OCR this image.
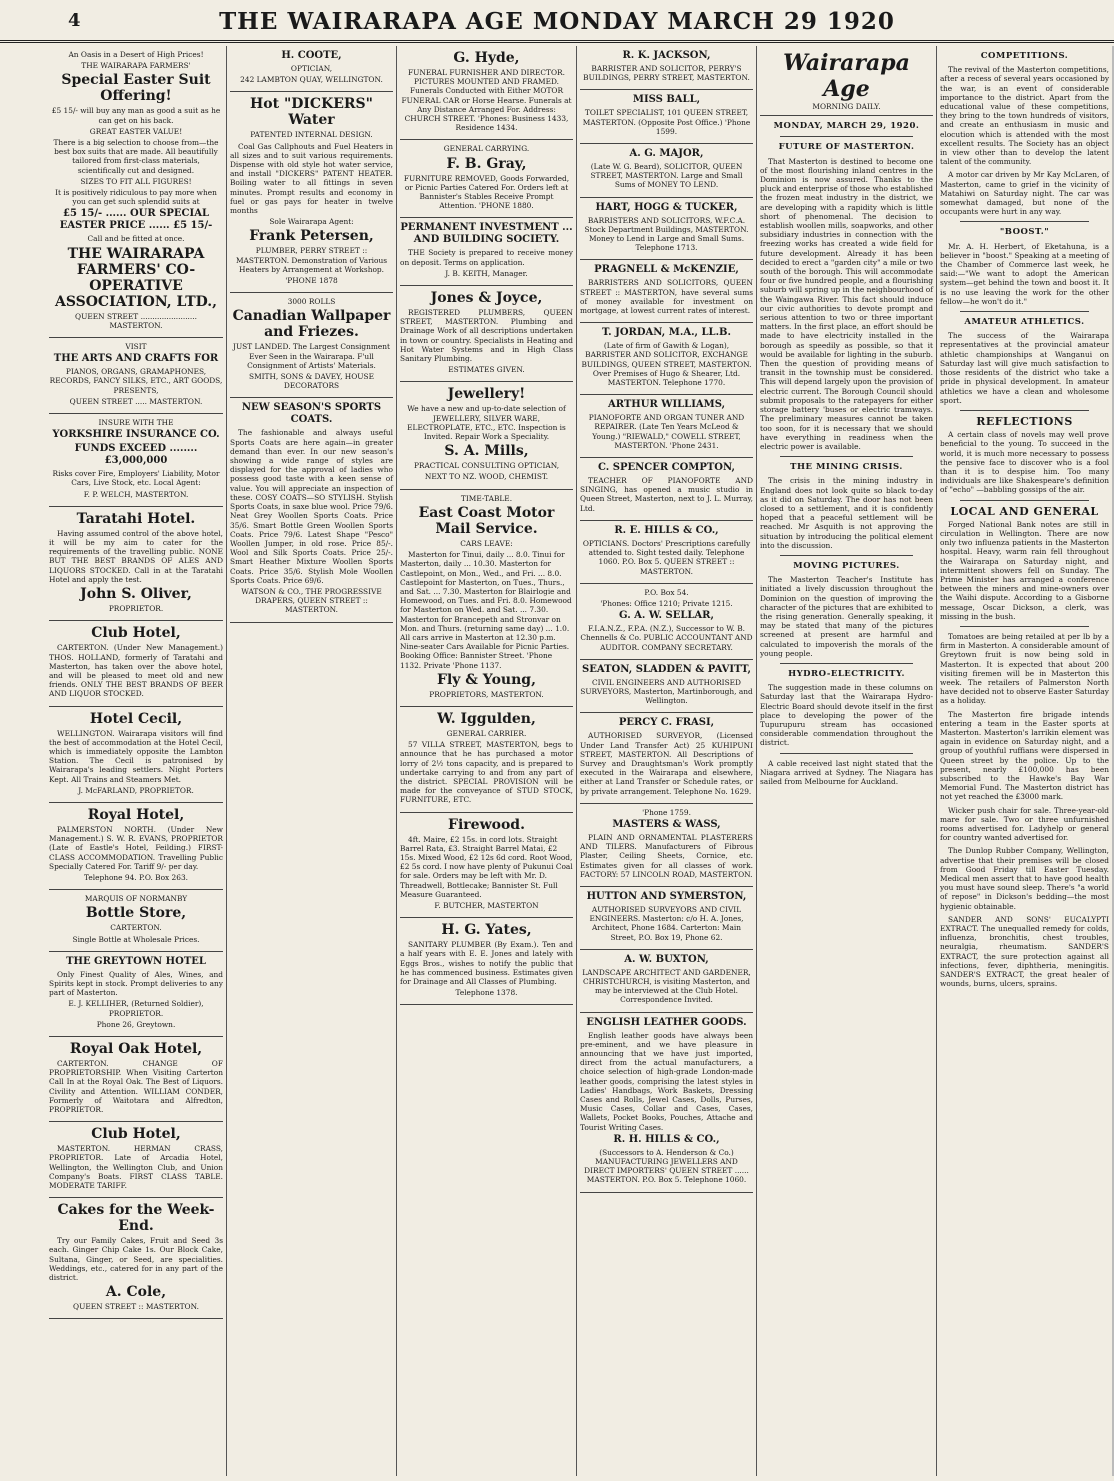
4	THE WAIRARAPA AGE MONDAY MARCH 29 1920

An Oasis in a Desert of High Prices!

THE WAIRARAPA FARMERS'

Special Easter Suit Offering!

£5 15/- will buy any man as good a suit as he can get on his back.

GREAT EASTER VALUE!

There is a big selection to choose from—the best box suits that are made. All beautifully tailored from first-class materials, scientifically cut and designed.

SIZES TO FIT ALL FIGURES!

It is positively ridiculous to pay more when you can get such splendid suits at

£5 15/- ...... OUR SPECIAL EASTER PRICE ...... £5 15/-

Call and be fitted at once.

THE WAIRARAPA FARMERS' CO-OPERATIVE ASSOCIATION, LTD.,

QUEEN STREET ........................ MASTERTON.

VISIT

THE ARTS AND CRAFTS FOR

PIANOS, ORGANS, GRAMAPHONES, RECORDS, FANCY SILKS, ETC., ART GOODS, PRESENTS,

QUEEN STREET ..... MASTERTON.

INSURE WITH THE

YORKSHIRE INSURANCE CO.

FUNDS EXCEED ........ £3,000,000

Risks cover Fire, Employers' Liability, Motor Cars, Live Stock, etc. Local Agent:

F. P. WELCH, MASTERTON.

Taratahi Hotel.

Having assumed control of the above hotel, it will be my aim to cater for the requirements of the travelling public. NONE BUT THE BEST BRANDS OF ALES AND LIQUORS STOCKED. Call in at the Taratahi Hotel and apply the test.

John S. Oliver,

PROPRIETOR.

Club Hotel,

CARTERTON. (Under New Management.) THOS. HOLLAND, formerly of Taratahi and Masterton, has taken over the above hotel, and will be pleased to meet old and new friends. ONLY THE BEST BRANDS OF BEER AND LIQUOR STOCKED.

Hotel Cecil,

WELLINGTON. Wairarapa visitors will find the best of accommodation at the Hotel Cecil, which is immediately opposite the Lambton Station. The Cecil is patronised by Wairarapa's leading settlers. Night Porters Kept. All Trains and Steamers Met.

J. McFARLAND, PROPRIETOR.

Royal Hotel,

PALMERSTON NORTH. (Under New Management.) S. W. R. EVANS, PROPRIETOR (Late of Eastle's Hotel, Feilding.) FIRST-CLASS ACCOMMODATION. Travelling Public Specially Catered For. Tariff 9/- per day.

Telephone 94. P.O. Box 263.

MARQUIS OF NORMANBY

Bottle Store,

CARTERTON.

Single Bottle at Wholesale Prices.

THE GREYTOWN HOTEL

Only Finest Quality of Ales, Wines, and Spirits kept in stock. Prompt deliveries to any part of Masterton.

E. J. KELLIHER, (Returned Soldier), PROPRIETOR.

Phone 26, Greytown.

Royal Oak Hotel,

CARTERTON. CHANGE OF PROPRIETORSHIP. When Visiting Carterton Call In at the Royal Oak. The Best of Liquors. Civility and Attention. WILLIAM CONDER, Formerly of Waitotara and Alfredton, PROPRIETOR.

Club Hotel,

MASTERTON. HERMAN CRASS, PROPRIETOR. Late of Arcadia Hotel, Wellington, the Wellington Club, and Union Company's Boats. FIRST CLASS TABLE. MODERATE TARIFF.

Cakes for the Week-End.

Try our Family Cakes, Fruit and Seed 3s each. Ginger Chip Cake 1s. Our Block Cake, Sultana, Ginger, or Seed, are specialities. Weddings, etc., catered for in any part of the district.

A. Cole,

QUEEN STREET :: MASTERTON.

H. COOTE,

OPTICIAN,

242 LAMBTON QUAY, WELLINGTON.

Hot "DICKERS" Water

PATENTED INTERNAL DESIGN.

Coal Gas Callphouts and Fuel Heaters in all sizes and to suit various requirements. Dispense with old style hot water service, and install "DICKERS" PATENT HEATER. Boiling water to all fittings in seven minutes. Prompt results and economy in fuel or gas pays for heater in twelve months

Sole Wairarapa Agent:

Frank Petersen,

PLUMBER, PERRY STREET :: MASTERTON. Demonstration of Various Heaters by Arrangement at Workshop.

'PHONE 1878

3000 ROLLS

Canadian Wallpaper and Friezes.

JUST LANDED. The Largest Consignment Ever Seen in the Wairarapa. F'ull Consignment of Artists' Materials.

SMITH, SONS & DAVEY, HOUSE DECORATORS

NEW SEASON'S SPORTS COATS.

The fashionable and always useful Sports Coats are here again—in greater demand than ever. In our new season's showing a wide range of styles are displayed for the approval of ladies who possess good taste with a keen sense of value. You will appreciate an inspection of these. COSY COATS—SO STYLISH. Stylish Sports Coats, in saxe blue wool. Price 79/6. Neat Grey Woollen Sports Coats. Price 35/6. Smart Bottle Green Woollen Sports Coats. Price 79/6. Latest Shape "Pesco" Woollen Jumper, in old rose. Price 85/-. Wool and Silk Sports Coats. Price 25/-. Smart Heather Mixture Woollen Sports Coats. Price 35/6. Stylish Mole Woollen Sports Coats. Price 69/6.

WATSON & CO., THE PROGRESSIVE DRAPERS, QUEEN STREET :: MASTERTON.

G. Hyde,

FUNERAL FURNISHER AND DIRECTOR. PICTURES MOUNTED AND FRAMED. Funerals Conducted with Either MOTOR FUNERAL CAR or Horse Hearse. Funerals at Any Distance Arranged For. Address: CHURCH STREET. 'Phones: Business 1433, Residence 1434.

GENERAL CARRYING.

F. B. Gray,

FURNITURE REMOVED, Goods Forwarded, or Picnic Parties Catered For. Orders left at Bannister's Stables Receive Prompt Attention. 'PHONE 1880.

PERMANENT INVESTMENT ... AND BUILDING SOCIETY.

THE Society is prepared to receive money on deposit. Terms on application.

J. B. KEITH, Manager.

Jones & Joyce,

REGISTERED PLUMBERS, QUEEN STREET, MASTERTON. Plumbing and Drainage Work of all descriptions undertaken in town or country. Specialists in Heating and Hot Water Systems and in High Class Sanitary Plumbing.

ESTIMATES GIVEN.

Jewellery!

We have a new and up-to-date selection of JEWELLERY, SILVER WARE, ELECTROPLATE, ETC., ETC. Inspection is Invited. Repair Work a Speciality.

S. A. Mills,

PRACTICAL CONSULTING OPTICIAN,

NEXT TO NZ. WOOD, CHEMIST.

TIME-TABLE.

East Coast Motor Mail Service.

CARS LEAVE:

Masterton for Tinui, daily ... 8.0. Tinui for Masterton, daily ... 10.30. Masterton for Castlepoint, on Mon., Wed., and Fri. ... 8.0. Castlepoint for Masterton, on Tues., Thurs., and Sat. ... 7.30. Masterton for Blairlogie and Homewood, on Tues. and Fri. 8.0. Homewood for Masterton on Wed. and Sat. ... 7.30. Masterton for Brancepeth and Stronvar on Mon. and Thurs. (returning same day) ... 1.0. All cars arrive in Masterton at 12.30 p.m. Nine-seater Cars Available for Picnic Parties. Booking Office: Bannister Street. 'Phone 1132. Private 'Phone 1137.

Fly & Young,

PROPRIETORS, MASTERTON.

W. Iggulden,

GENERAL CARRIER.

57 VILLA STREET, MASTERTON, begs to announce that he has purchased a motor lorry of 2½ tons capacity, and is prepared to undertake carrying to and from any part of the district. SPECIAL PROVISION will be made for the conveyance of STUD STOCK, FURNITURE, ETC.

Firewood.

4ft. Maire, £2 15s. in cord lots. Straight Barrel Rata, £3. Straight Barrel Matai, £2 15s. Mixed Wood, £2 12s 6d cord. Root Wood, £2 5s cord. I now have plenty of Pukunui Coal for sale. Orders may be left with Mr. D. Threadwell, Bottlecake; Bannister St. Full Measure Guaranteed.

F. BUTCHER, MASTERTON

H. G. Yates,

SANITARY PLUMBER (By Exam.). Ten and a half years with E. E. Jones and lately with Eggs Bros., wishes to notify the public that he has commenced business. Estimates given for Drainage and All Classes of Plumbing.

Telephone 1378.

R. K. JACKSON,

BARRISTER AND SOLICITOR, PERRY'S BUILDINGS, PERRY STREET, MASTERTON.

MISS BALL,

TOILET SPECIALIST, 101 QUEEN STREET, MASTERTON. (Opposite Post Office.) 'Phone 1599.

A. G. MAJOR,

(Late W. G. Beard), SOLICITOR, QUEEN STREET, MASTERTON. Large and Small Sums of MONEY TO LEND.

HART, HOGG & TUCKER,

BARRISTERS AND SOLICITORS, W.F.C.A. Stock Department Buildings, MASTERTON. Money to Lend in Large and Small Sums. Telephone 1713.

PRAGNELL & McKENZIE,

BARRISTERS AND SOLICITORS, QUEEN STREET :: MASTERTON, have several sums of money available for investment on mortgage, at lowest current rates of interest.

T. JORDAN, M.A., LL.B.

(Late of firm of Gawith & Logan), BARRISTER AND SOLICITOR, EXCHANGE BUILDINGS, QUEEN STREET, MASTERTON. Over Premises of Hugo & Shearer, Ltd. MASTERTON. Telephone 1770.

ARTHUR WILLIAMS,

PIANOFORTE AND ORGAN TUNER AND REPAIRER. (Late Ten Years McLeod & Young.) "RIEWALD," COWELL STREET, MASTERTON. 'Phone 2431.

C. SPENCER COMPTON,

TEACHER OF PIANOFORTE AND SINGING, has opened a music studio in Queen Street, Masterton, next to J. L. Murray, Ltd.

R. E. HILLS & CO.,

OPTICIANS. Doctors' Prescriptions carefully attended to. Sight tested daily. Telephone 1060. P.O. Box 5. QUEEN STREET :: MASTERTON.

P.O. Box 54.

'Phones: Office 1210; Private 1215.

G. A. W. SELLAR,

F.I.A.N.Z., F.P.A. (N.Z.), Successor to W. B. Chennells & Co. PUBLIC ACCOUNTANT AND AUDITOR. COMPANY SECRETARY.

SEATON, SLADDEN & PAVITT,

CIVIL ENGINEERS AND AUTHORISED SURVEYORS, Masterton, Martinborough, and Wellington.

PERCY C. FRASI,

AUTHORISED SURVEYOR, (Licensed Under Land Transfer Act) 25 KUHIPUNI STREET, MASTERTON. All Descriptions of Survey and Draughtsman's Work promptly executed in the Wairarapa and elsewhere, either at Land Transfer or Schedule rates, or by private arrangement. Telephone No. 1629.

'Phone 1759.

MASTERS & WASS,

PLAIN AND ORNAMENTAL PLASTERERS AND TILERS. Manufacturers of Fibrous Plaster, Ceiling Sheets, Cornice, etc. Estimates given for all classes of work. FACTORY: 57 LINCOLN ROAD, MASTERTON.

HUTTON AND SYMERSTON,

AUTHORISED SURVEYORS AND CIVIL ENGINEERS. Masterton: c/o H. A. Jones, Architect, Phone 1684. Carterton: Main Street, P.O. Box 19, Phone 62.

A. W. BUXTON,

LANDSCAPE ARCHITECT AND GARDENER, CHRISTCHURCH, is visiting Masterton, and may be interviewed at the Club Hotel. Correspondence Invited.

ENGLISH LEATHER GOODS.

English leather goods have always been pre-eminent, and we have pleasure in announcing that we have just imported, direct from the actual manufacturers, a choice selection of high-grade London-made leather goods, comprising the latest styles in Ladies' Handbags, Work Baskets, Dressing Cases and Rolls, Jewel Cases, Dolls, Purses, Music Cases, Collar and Cases, Cases, Wallets, Pocket Books, Pouches, Attache and Tourist Writing Cases.

R. H. HILLS & CO.,

(Successors to A. Henderson & Co.) MANUFACTURING JEWELLERS AND DIRECT IMPORTERS' QUEEN STREET ...... MASTERTON. P.O. Box 5. Telephone 1060.

Wairarapa Age
MORNING DAILY.
MONDAY, MARCH 29, 1920.
FUTURE OF MASTERTON.

That Masterton is destined to become one of the most flourishing inland centres in the Dominion is now assured. Thanks to the pluck and enterprise of those who established the frozen meat industry in the district, we are developing with a rapidity which is little short of phenomenal. The decision to establish woollen mills, soapworks, and other subsidiary industries in connection with the freezing works has created a wide field for future development. Already it has been decided to erect a "garden city" a mile or two south of the borough. This will accommodate four or five hundred people, and a flourishing suburb will spring up in the neighbourhood of the Waingawa River. This fact should induce our civic authorities to devote prompt and serious attention to two or three important matters. In the first place, an effort should be made to have electricity installed in the borough as speedily as possible, so that it would be available for lighting in the suburb. Then the question of providing means of transit in the township must be considered. This will depend largely upon the provision of electric current. The Borough Council should submit proposals to the ratepayers for either storage battery 'buses or electric tramways. The preliminary measures cannot be taken too soon, for it is necessary that we should have everything in readiness when the electric power is available.

THE MINING CRISIS.

The crisis in the mining industry in England does not look quite so black to-day as it did on Saturday. The door has not been closed to a settlement, and it is confidently hoped that a peaceful settlement will be reached. Mr Asquith is not approving the situation by introducing the political element into the discussion.

MOVING PICTURES.

The Masterton Teacher's Institute has initiated a lively discussion throughout the Dominion on the question of improving the character of the pictures that are exhibited to the rising generation. Generally speaking, it may be stated that many of the pictures screened at present are harmful and calculated to impoverish the morals of the young people.

HYDRO-ELECTRICITY.

The suggestion made in these columns on Saturday last that the Wairarapa Hydro-Electric Board should devote itself in the first place to developing the power of the Tupurupuru stream has occasioned considerable commendation throughout the district.

A cable received last night stated that the Niagara arrived at Sydney. The Niagara has sailed from Melbourne for Auckland.

COMPETITIONS.

The revival of the Masterton competitions, after a recess of several years occasioned by the war, is an event of considerable importance to the district. Apart from the educational value of these competitions, they bring to the town hundreds of visitors, and create an enthusiasm in music and elocution which is attended with the most excellent results. The Society has an object in view other than to develop the latent talent of the community.

A motor car driven by Mr Kay McLaren, of Masterton, came to grief in the vicinity of Matahiwi on Saturday night. The car was somewhat damaged, but none of the occupants were hurt in any way.

"BOOST."

Mr. A. H. Herbert, of Eketahuna, is a believer in "boost." Speaking at a meeting of the Chamber of Commerce last week, he said:—"We want to adopt the American system—get behind the town and boost it. It is no use leaving the work for the other fellow—he won't do it."

AMATEUR ATHLETICS.

The success of the Wairarapa representatives at the provincial amateur athletic championships at Wanganui on Saturday last will give much satisfaction to those residents of the district who take a pride in physical development. In amateur athletics we have a clean and wholesome sport.

REFLECTIONS

A certain class of novels may well prove beneficial to the young. To succeed in the world, it is much more necessary to possess the pensive face to discover who is a fool than it is to despise him. Too many individuals are like Shakespeare's definition of "echo" —babbling gossips of the air.

LOCAL AND GENERAL

Forged National Bank notes are still in circulation in Wellington. There are now only two influenza patients in the Masterton hospital. Heavy, warm rain fell throughout the Wairarapa on Saturday night, and intermittent showers fell on Sunday. The Prime Minister has arranged a conference between the miners and mine-owners over the Waihi dispute. According to a Gisborne message, Oscar Dickson, a clerk, was missing in the bush.

Tomatoes are being retailed at per lb by a firm in Masterton. A considerable amount of Greytown fruit is now being sold in Masterton. It is expected that about 200 visiting firemen will be in Masterton this week. The retailers of Palmerston North have decided not to observe Easter Saturday as a holiday.

The Masterton fire brigade intends entering a team in the Easter sports at Masterton. Masterton's larrikin element was again in evidence on Saturday night, and a group of youthful ruffians were dispersed in Queen street by the police. Up to the present, nearly £100,000 has been subscribed to the Hawke's Bay War Memorial Fund. The Masterton district has not yet reached the £3000 mark.

Wicker push chair for sale. Three-year-old mare for sale. Two or three unfurnished rooms advertised for. Ladyhelp or general for country wanted advertised for.

The Dunlop Rubber Company, Wellington, advertise that their premises will be closed from Good Friday till Easter Tuesday. Medical men assert that to have good health you must have sound sleep. There's "a world of repose" in Dickson's bedding—the most hygienic obtainable.

SANDER AND SONS' EUCALYPTI EXTRACT. The unequalled remedy for colds, influenza, bronchitis, chest troubles, neuralgia, rheumatism. SANDER'S EXTRACT, the sure protection against all infections, fever, diphtheria, meningitis. SANDER'S EXTRACT, the great healer of wounds, burns, ulcers, sprains.
